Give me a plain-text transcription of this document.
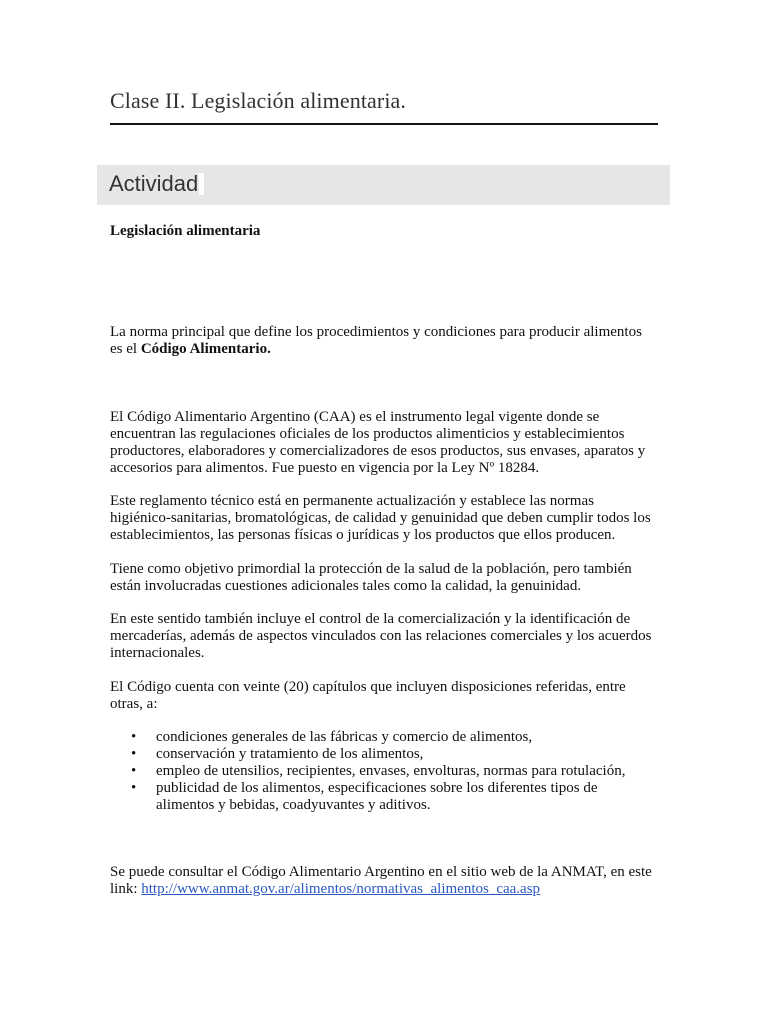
Clase II. Legislación alimentaria.
Actividad
Legislación alimentaria

La norma principal que define los procedimientos y condiciones para producir alimentos es el Código Alimentario.

El Código Alimentario Argentino (CAA) es el instrumento legal vigente donde se encuentran las regulaciones oficiales de los productos alimenticios y establecimientos productores, elaboradores y comercializadores de esos productos, sus envases, aparatos y accesorios para alimentos. Fue puesto en vigencia por la Ley Nº 18284.

Este reglamento técnico está en permanente actualización y establece las normas higiénico-sanitarias, bromatológicas, de calidad y genuinidad que deben cumplir todos los establecimientos, las personas físicas o jurídicas y los productos que ellos producen.

Tiene como objetivo primordial la protección de la salud de la población, pero también están involucradas cuestiones adicionales tales como la calidad, la genuinidad.

En este sentido también incluye el control de la comercialización y la identificación de mercaderías, además de aspectos vinculados con las relaciones comerciales y los acuerdos internacionales.

El Código cuenta con veinte (20) capítulos que incluyen disposiciones referidas, entre otras, a:

• condiciones generales de las fábricas y comercio de alimentos,
• conservación y tratamiento de los alimentos,
• empleo de utensilios, recipientes, envases, envolturas, normas para rotulación,
• publicidad de los alimentos, especificaciones sobre los diferentes tipos de alimentos y bebidas, coadyuvantes y aditivos.

Se puede consultar el Código Alimentario Argentino en el sitio web de la ANMAT, en este link: http://www.anmat.gov.ar/alimentos/normativas_alimentos_caa.asp
